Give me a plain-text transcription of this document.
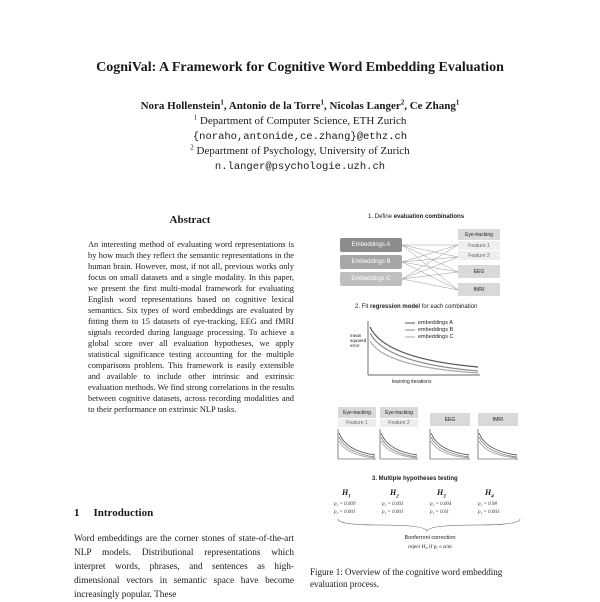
CogniVal: A Framework for Cognitive Word Embedding Evaluation
Nora Hollenstein$^1$, Antonio de la Torre$^1$, Nicolas Langer$^2$, Ce Zhang$^1$
$^1$ Department of Computer Science, ETH Zurich
{noraho,antonide,ce.zhang}@ethz.ch
$^2$ Department of Psychology, University of Zurich
n.langer@psychologie.uzh.ch
Abstract
An interesting method of evaluating word representations is by how much they reflect the semantic representations in the human brain. However, most, if not all, previous works only focus on small datasets and a single modality. In this paper, we present the first multi-modal framework for evaluating English word representations based on cognitive lexical semantics. Six types of word embeddings are evaluated by fitting them to 15 datasets of eye-tracking, EEG and fMRI signals recorded during language processing. To achieve a global score over all evaluation hypotheses, we apply statistical significance testing accounting for the multiple comparisons problem. This framework is easily extensible and available to include other intrinsic and extrinsic evaluation methods. We find strong correlations in the results between cognitive datasets, across recording modalities and to their performance on extrinsic NLP tasks.
1 Introduction
Word embeddings are the corner stones of state-of-the-art NLP models. Distributional representations which interpret words, phrases, and sentences as high-dimensional vectors in semantic space have become increasingly popular. These
1. Define evaluation combinations
Embeddings A
Embeddings B
Embeddings C
Eye-tracking
Feature 1
Feature 2
EEG
fMRI
2. Fit regression model for each combination
embeddings A
embeddings B
embeddings C
mean squared error
learning iterations
Eye-tracking
Feature 1
Eye-tracking
Feature 2
EEG	fMRI
3. Multiple hypotheses testing
$H_1$
$H_2$
$H_3$
$H_4$
p₁ = 0.009
p₂ = 0.001
p₁ = 0.003
p₂ = 0.001
p₁ = 0.004
p₂ = 0.01
p₁ = 0.98
p₂ = 0.003
Bonferroni correction
reject H₀ if pᵢ ≤ α/m
Figure 1: Overview of the cognitive word embedding evaluation process.
